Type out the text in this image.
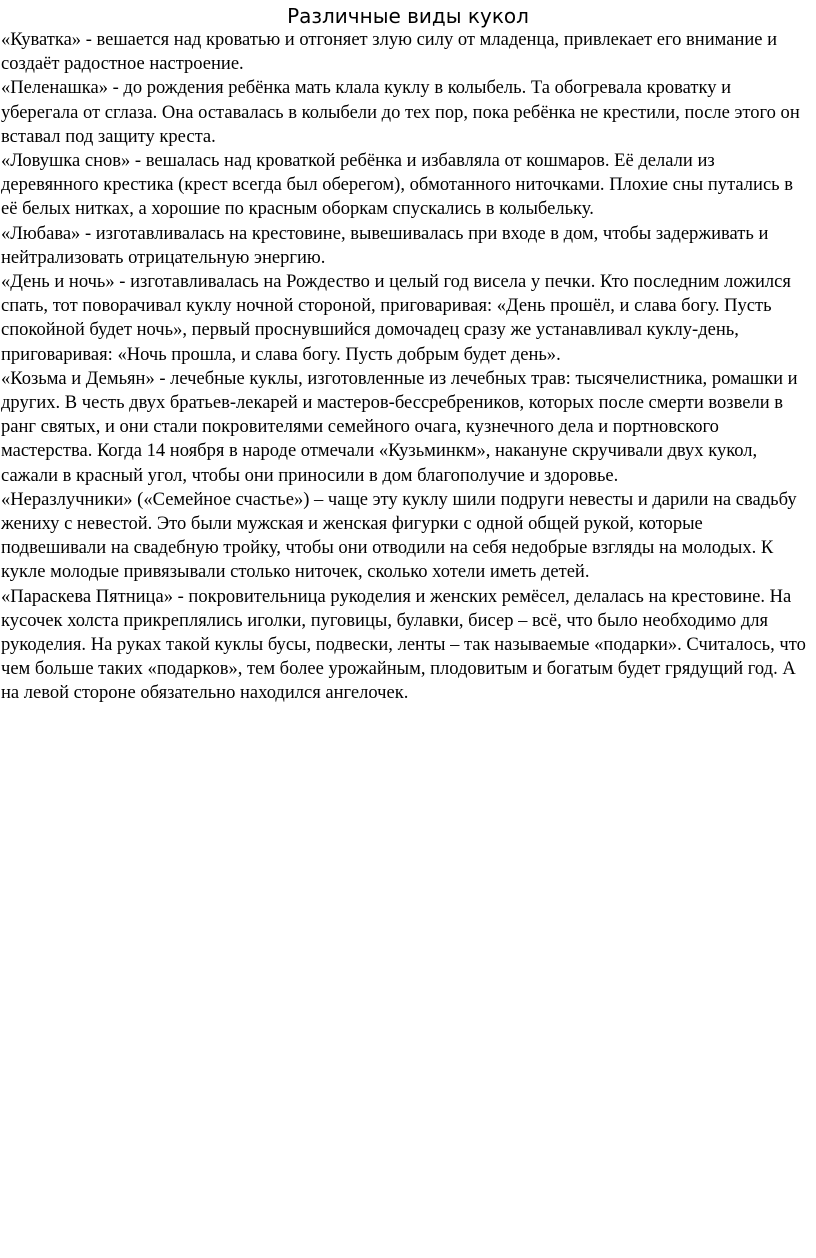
Различные виды кукол

«Куватка» - вешается над кроватью и отгоняет злую силу от младенца, привлекает его внимание и создаёт радостное настроение.

«Пеленашка» - до рождения ребёнка мать клала куклу в колыбель. Та обогревала кроватку и уберегала от сглаза. Она оставалась в колыбели до тех пор, пока ребёнка не крестили, после этого он вставал под защиту креста.

«Ловушка снов» - вешалась над кроваткой ребёнка и избавляла от кошмаров. Её делали из деревянного крестика (крест всегда был оберегом), обмотанного ниточками. Плохие сны путались в её белых нитках, а хорошие по красным оборкам спускались в колыбельку.

«Любава» - изготавливалась на крестовине, вывешивалась при входе в дом, чтобы задерживать и нейтрализовать отрицательную энергию.

«День и ночь» - изготавливалась на Рождество и целый год висела у печки. Кто последним ложился спать, тот поворачивал куклу ночной стороной, приговаривая: «День прошёл, и слава богу. Пусть спокойной будет ночь», первый проснувшийся домочадец сразу же устанавливал куклу-день, приговаривая: «Ночь прошла, и слава богу. Пусть добрым будет день».

«Козьма и Демьян» - лечебные куклы, изготовленные из лечебных трав: тысячелистника, ромашки и других. В честь двух братьев-лекарей и мастеров-бессребреников, которых после смерти возвели в ранг святых, и они стали покровителями семейного очага, кузнечного дела и портновского мастерства. Когда 14 ноября в народе отмечали «Кузьминкм», накануне скручивали двух кукол, сажали в красный угол, чтобы они приносили в дом благополучие и здоровье.

«Неразлучники» («Семейное счастье») – чаще эту куклу шили подруги невесты и дарили на свадьбу жениху с невестой. Это были мужская и женская фигурки с одной общей рукой, которые подвешивали на свадебную тройку, чтобы они отводили на себя недобрые взгляды на молодых. К кукле молодые привязывали столько ниточек, сколько хотели иметь детей.

«Параскева Пятница» - покровительница рукоделия и женских ремёсел, делалась на крестовине. На кусочек холста прикреплялись иголки, пуговицы, булавки, бисер – всё, что было необходимо для рукоделия. На руках такой куклы бусы, подвески, ленты – так называемые «подарки». Считалось, что чем больше таких «подарков», тем более урожайным, плодовитым и богатым будет грядущий год. А на левой стороне обязательно находился ангелочек.
